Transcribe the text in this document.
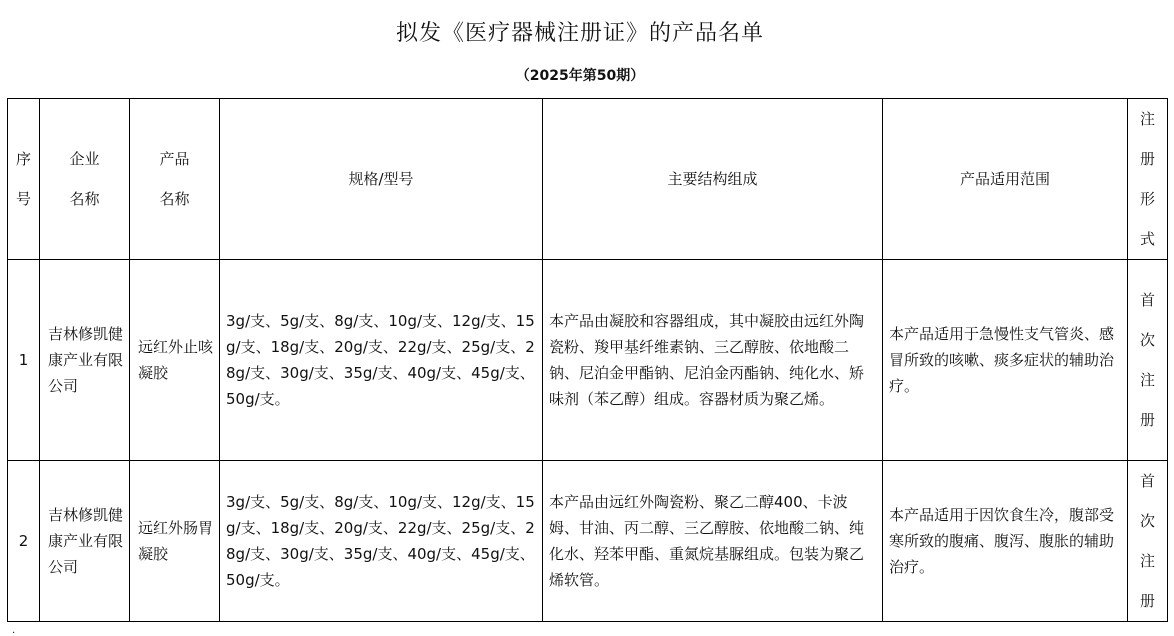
拟发《医疗器械注册证》的产品名单
（2025年第50期）
序号	企业名称	产品名称	规格/型号	主要结构组成	产品适用范围	注册形式
1	吉林修凯健康产业有限公司	远红外止咳凝胶	3g/支、5g/支、8g/支、10g/支、12g/支、15g/支、18g/支、20g/支、22g/支、25g/支、28g/支、30g/支、35g/支、40g/支、45g/支、50g/支。	本产品由凝胶和容器组成，其中凝胶由远红外陶瓷粉、羧甲基纤维素钠、三乙醇胺、依地酸二钠、尼泊金甲酯钠、尼泊金丙酯钠、纯化水、矫味剂（苯乙醇）组成。容器材质为聚乙烯。	本产品适用于急慢性支气管炎、感冒所致的咳嗽、痰多症状的辅助治疗。	首次注册
2	吉林修凯健康产业有限公司	远红外肠胃凝胶	3g/支、5g/支、8g/支、10g/支、12g/支、15g/支、18g/支、20g/支、22g/支、25g/支、28g/支、30g/支、35g/支、40g/支、45g/支、50g/支。	本产品由远红外陶瓷粉、聚乙二醇400、卡波姆、甘油、丙二醇、三乙醇胺、依地酸二钠、纯化水、羟苯甲酯、重氮烷基脲组成。包装为聚乙烯软管。	本产品适用于因饮食生冷，腹部受寒所致的腹痛、腹泻、腹胀的辅助治疗。	首次注册
.
